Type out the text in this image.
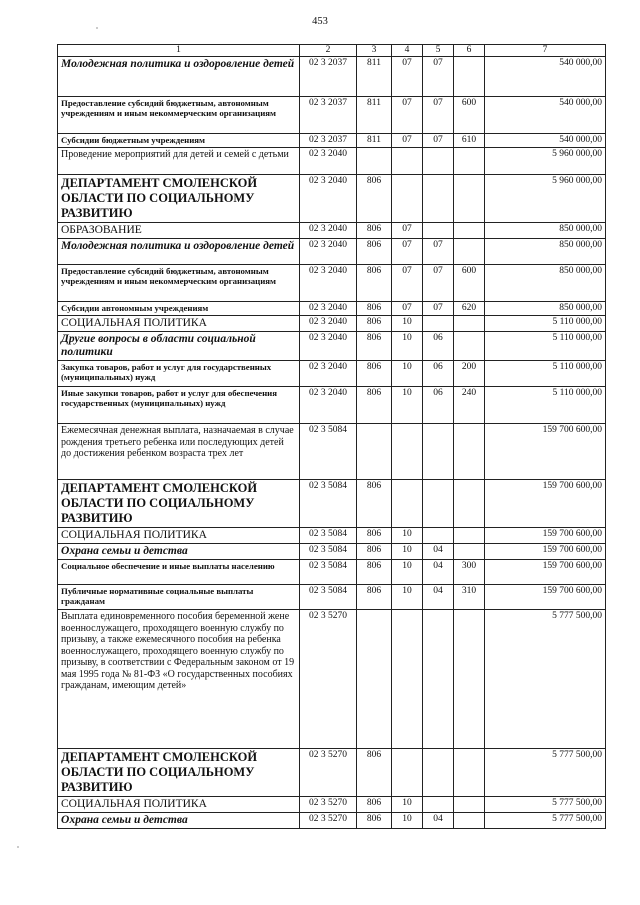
453
1	2	3	4	5	6	7
Молодежная политика и оздоровление детей	02 3 2037	811	07	07		540 000,00
Предоставление субсидий бюджетным, автономным учреждениям и иным некоммерческим организациям	02 3 2037	811	07	07	600	540 000,00
Субсидии бюджетным учреждениям	02 3 2037	811	07	07	610	540 000,00
Проведение мероприятий для детей и семей с детьми	02 3 2040					5 960 000,00
ДЕПАРТАМЕНТ СМОЛЕНСКОЙ ОБЛАСТИ ПО СОЦИАЛЬНОМУ РАЗВИТИЮ	02 3 2040	806				5 960 000,00
ОБРАЗОВАНИЕ	02 3 2040	806	07			850 000,00
Молодежная политика и оздоровление детей	02 3 2040	806	07	07		850 000,00
Предоставление субсидий бюджетным, автономным учреждениям и иным некоммерческим организациям	02 3 2040	806	07	07	600	850 000,00
Субсидии автономным учреждениям	02 3 2040	806	07	07	620	850 000,00
СОЦИАЛЬНАЯ ПОЛИТИКА	02 3 2040	806	10			5 110 000,00
Другие вопросы в области социальной политики	02 3 2040	806	10	06		5 110 000,00
Закупка товаров, работ и услуг для государственных (муниципальных) нужд	02 3 2040	806	10	06	200	5 110 000,00
Иные закупки товаров, работ и услуг для обеспечения государственных (муниципальных) нужд	02 3 2040	806	10	06	240	5 110 000,00
Ежемесячная денежная выплата, назначаемая в случае рождения третьего ребенка или последующих детей до достижения ребенком возраста трех лет	02 3 5084					159 700 600,00
ДЕПАРТАМЕНТ СМОЛЕНСКОЙ ОБЛАСТИ ПО СОЦИАЛЬНОМУ РАЗВИТИЮ	02 3 5084	806				159 700 600,00
СОЦИАЛЬНАЯ ПОЛИТИКА	02 3 5084	806	10			159 700 600,00
Охрана семьи и детства	02 3 5084	806	10	04		159 700 600,00
Социальное обеспечение и иные выплаты населению	02 3 5084	806	10	04	300	159 700 600,00
Публичные нормативные социальные выплаты гражданам	02 3 5084	806	10	04	310	159 700 600,00
Выплата единовременного пособия беременной жене военнослужащего, проходящего военную службу по призыву, а также ежемесячного пособия на ребенка военнослужащего, проходящего военную службу по призыву, в соответствии с Федеральным законом от 19 мая 1995 года № 81-ФЗ «О государственных пособиях гражданам, имеющим детей»	02 3 5270					5 777 500,00
ДЕПАРТАМЕНТ СМОЛЕНСКОЙ ОБЛАСТИ ПО СОЦИАЛЬНОМУ РАЗВИТИЮ	02 3 5270	806				5 777 500,00
СОЦИАЛЬНАЯ ПОЛИТИКА	02 3 5270	806	10			5 777 500,00
Охрана семьи и детства	02 3 5270	806	10	04		5 777 500,00
